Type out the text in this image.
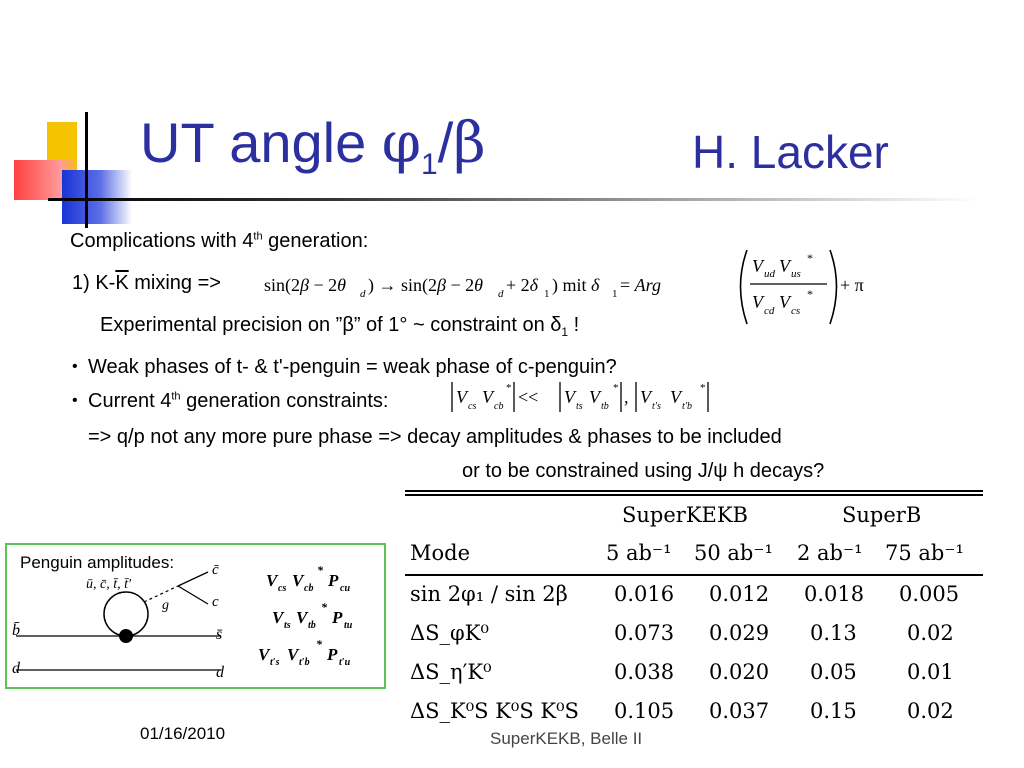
UT angle $\varphi_1/\beta$	H. Lacker
Complications with 4th generation:
1) $K-\overline{K}$ mixing => sin(2β − 2θ d ) → sin(2β − 2θ d + 2δ 1 ) mit δ 1 = Arg
V ud V us
*
V cd V cs
* + π
Experimental precision on ”β” of 1° ~ constraint on $\delta_1$ !
• Weak phases of t- & t'-penguin = weak phase of c-penguin?
• Current 4th generation constraints:	V cs V cb
* << V ts V tb
* , V t′s V t′b
*
=> q/p not any more pure phase => decay amplitudes & phases to be included
or to be constrained using J/ψ h decays?
Penguin amplitudes:
ū, c̄, t̄, t̄'
g
b̄	s̄
d	d
c̄
c
V cs V cb
*
P cu
V ts V tb
*
P tu
V t′s V t′b
*
P t′u
SuperKEKB	SuperB
Mode	5 ab⁻¹ 50 ab⁻¹ 2 ab⁻¹ 75 ab⁻¹
sin 2φ₁ / sin 2β 0.016 0.012 0.018 0.005
ΔS_φK⁰	0.073 0.029 0.13 0.02
ΔS_η′K⁰	0.038 0.020 0.05 0.01
ΔS_K⁰S K⁰S K⁰S 0.105 0.037 0.15 0.02
01/16/2010	SuperKEKB, Belle II
